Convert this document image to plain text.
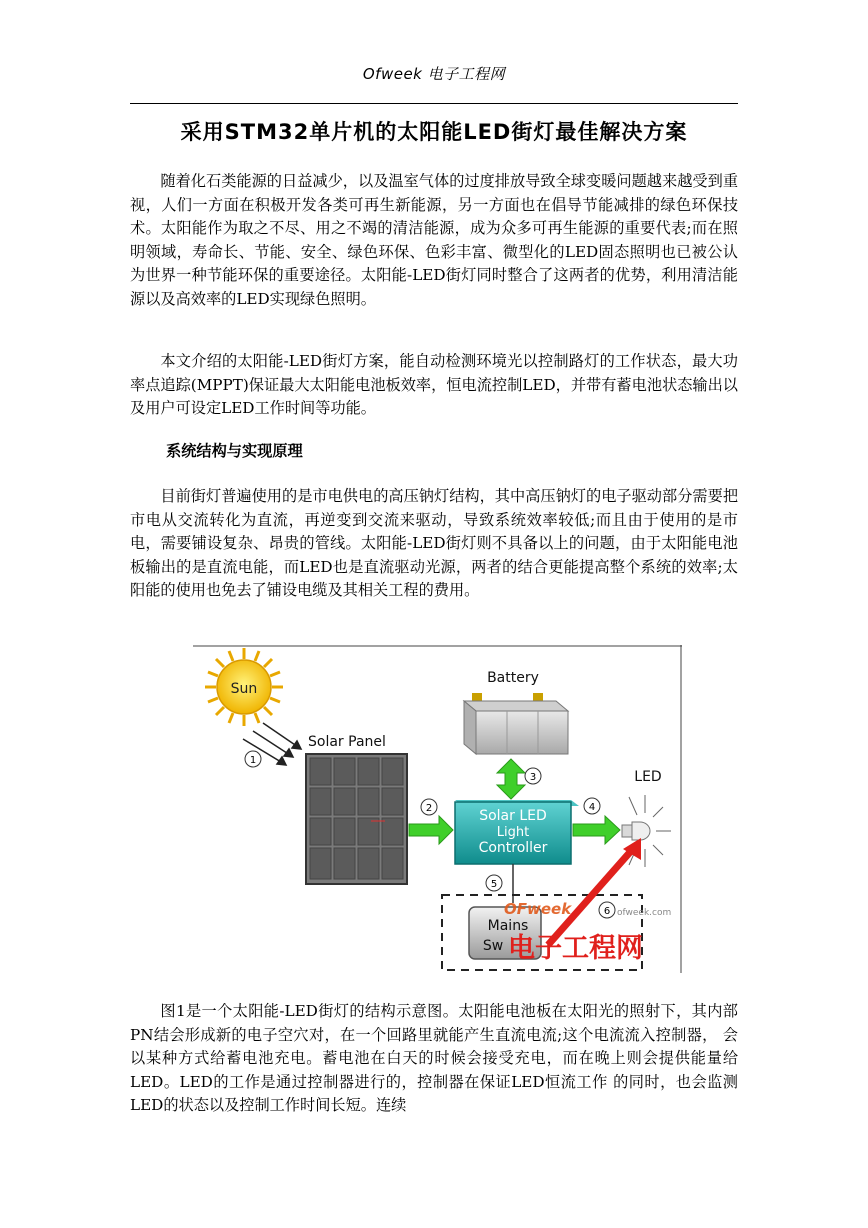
Ofweek 电子工程网
采用STM32单片机的太阳能LED街灯最佳解决方案

随着化石类能源的日益减少，以及温室气体的过度排放导致全球变暖问题越来越受到重视，人们一方面在积极开发各类可再生新能源，另一方面也在倡导节能减排的绿色环保技术。太阳能作为取之不尽、用之不竭的清洁能源，成为众多可再生能源的重要代表;而在照明领域，寿命长、节能、安全、绿色环保、色彩丰富、微型化的LED固态照明也已被公认为世界一种节能环保的重要途径。太阳能-LED街灯同时整合了这两者的优势，利用清洁能源以及高效率的LED实现绿色照明。

本文介绍的太阳能-LED街灯方案，能自动检测环境光以控制路灯的工作状态，最大功率点追踪(MPPT)保证最大太阳能电池板效率，恒电流控制LED，并带有蓄电池状态输出以及用户可设定LED工作时间等功能。

系统结构与实现原理

目前街灯普遍使用的是市电供电的高压钠灯结构，其中高压钠灯的电子驱动部分需要把市电从交流转化为直流，再逆变到交流来驱动，导致系统效率较低;而且由于使用的是市电，需要铺设复杂、昂贵的管线。太阳能-LED街灯则不具备以上的问题，由于太阳能电池板输出的是直流电能，而LED也是直流驱动光源，两者的结合更能提高整个系统的效率;太阳能的使用也免去了铺设电缆及其相关工程的费用。

Sun
1
Solar Panel
2
Battery
3
Solar LED
Light
Controller
4
LED
5
Mains
Sw
6
OFweek	ofweek.com
电子工程网

图1是一个太阳能-LED街灯的结构示意图。太阳能电池板在太阳光的照射下，其内部PN结会形成新的电子空穴对，在一个回路里就能产生直流电流;这个电流流入控制器， 会以某种方式给蓄电池充电。蓄电池在白天的时候会接受充电，而在晚上则会提供能量给LED。LED的工作是通过控制器进行的，控制器在保证LED恒流工作 的同时，也会监测LED的状态以及控制工作时间长短。连续
